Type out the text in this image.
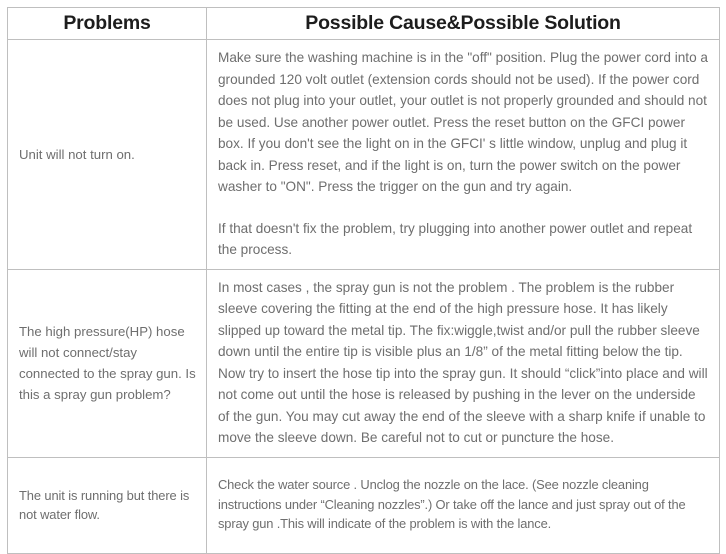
Problems	Possible Cause&Possible Solution
Unit will not turn on.	Make sure the washing machine is in the "off" position. Plug the power cord into a grounded 120 volt outlet (extension cords should not be used). If the power cord does not plug into your outlet, your outlet is not properly grounded and should not be used. Use another power outlet. Press the reset button on the GFCI power box. If you don't see the light on in the GFCI' s little window, unplug and plug it back in. Press reset, and if the light is on, turn the power switch on the power washer to "ON". Press the trigger on the gun and try again.

If that doesn't fix the problem, try plugging into another power outlet and repeat the process.

The high pressure(HP) hose will not connect/stay connected to the spray gun. Is this a spray gun problem?	In most cases , the spray gun is not the problem . The problem is the rubber sleeve covering the fitting at the end of the high pressure hose. It has likely slipped up toward the metal tip. The fix:wiggle,twist and/or pull the rubber sleeve down until the entire tip is visible plus an 1/8” of the metal fitting below the tip. Now try to insert the hose tip into the spray gun. It should “click”into place and will not come out until the hose is released by pushing in the lever on the underside of the gun. You may cut away the end of the sleeve with a sharp knife if unable to move the sleeve down. Be careful not to cut or puncture the hose.

The unit is running but there is not water flow.	Check the water source . Unclog the nozzle on the lace. (See nozzle cleaning instructions under “Cleaning nozzles”.) Or take off the lance and just spray out of the spray gun .This will indicate of the problem is with the lance.
